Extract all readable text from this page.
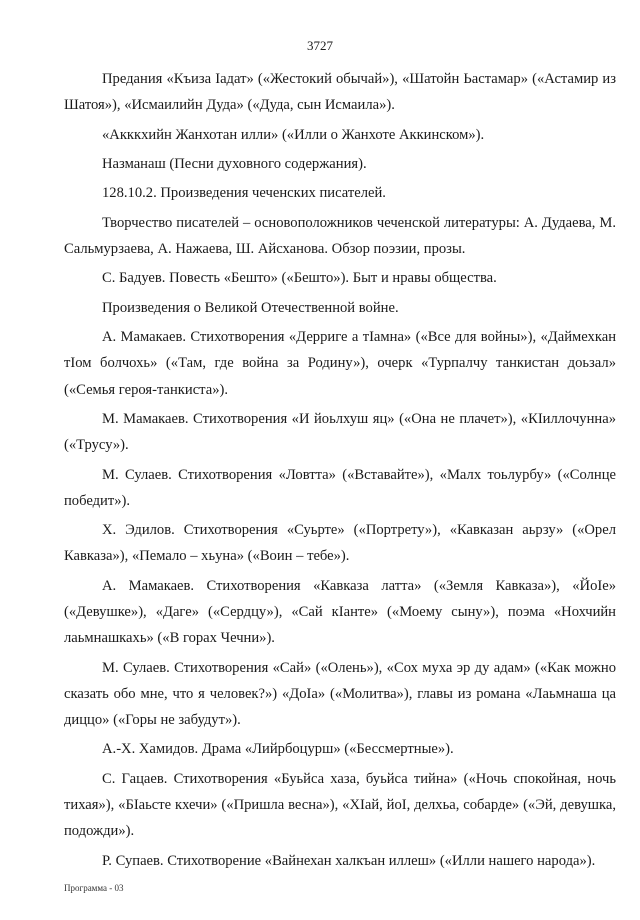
3727

Предания «Къиза Іадат» («Жестокий обычай»), «Шатойн Ьастамар» («Астамир из Шатоя»), «Исмаилийн Дуда» («Дуда, сын Исмаила»).

«Акккхийн Жанхотан илли» («Илли о Жанхоте Аккинском»).

Назманаш (Песни духовного содержания).

128.10.2. Произведения чеченских писателей.

Творчество писателей – основоположников чеченской литературы: А. Дудаева, М. Сальмурзаева, А. Нажаева, Ш. Айсханова. Обзор поэзии, прозы.

С. Бадуев. Повесть «Бешто» («Бешто»). Быт и нравы общества.

Произведения о Великой Отечественной войне.

А. Мамакаев. Стихотворения «Дерриге а тІамна» («Все для войны»), «Даймехкан тІом болчохь» («Там, где война за Родину»), очерк «Турпалчу танкистан доьзал» («Семья героя-танкиста»).

М. Мамакаев. Стихотворения «И йоьлхуш яц» («Она не плачет»), «КІиллочунна» («Трусу»).

М. Сулаев. Стихотворения «Ловтта» («Вставайте»), «Малх тоьлурбу» («Солнце победит»).

Х. Эдилов. Стихотворения «Суьрте» («Портрету»), «Кавказан аьрзу» («Орел Кавказа»), «Пемало – хьуна» («Воин – тебе»).

А. Мамакаев. Стихотворения «Кавказа латта» («Земля Кавказа»), «ЙоІе» («Девушке»), «Даге» («Сердцу»), «Сай кІанте» («Моему сыну»), поэма «Нохчийн лаьмнашкахь» («В горах Чечни»).

М. Сулаев. Стихотворения «Сай» («Олень»), «Сох муха эр ду адам» («Как можно сказать обо мне, что я человек?») «ДоІа» («Молитва»), главы из романа «Лаьмнаша ца диццо» («Горы не забудут»).

А.-Х. Хамидов. Драма «Лийрбоцурш» («Бессмертные»).

С. Гацаев. Стихотворения «Буьйса хаза, буьйса тийна» («Ночь спокойная, ночь тихая»), «БІаьсте кхечи» («Пришла весна»), «ХІай, йоІ, делхьа, собарде» («Эй, девушка, подожди»).

Р. Супаев. Стихотворение «Вайнехан халкъан иллеш» («Илли нашего народа»).

Программа - 03
